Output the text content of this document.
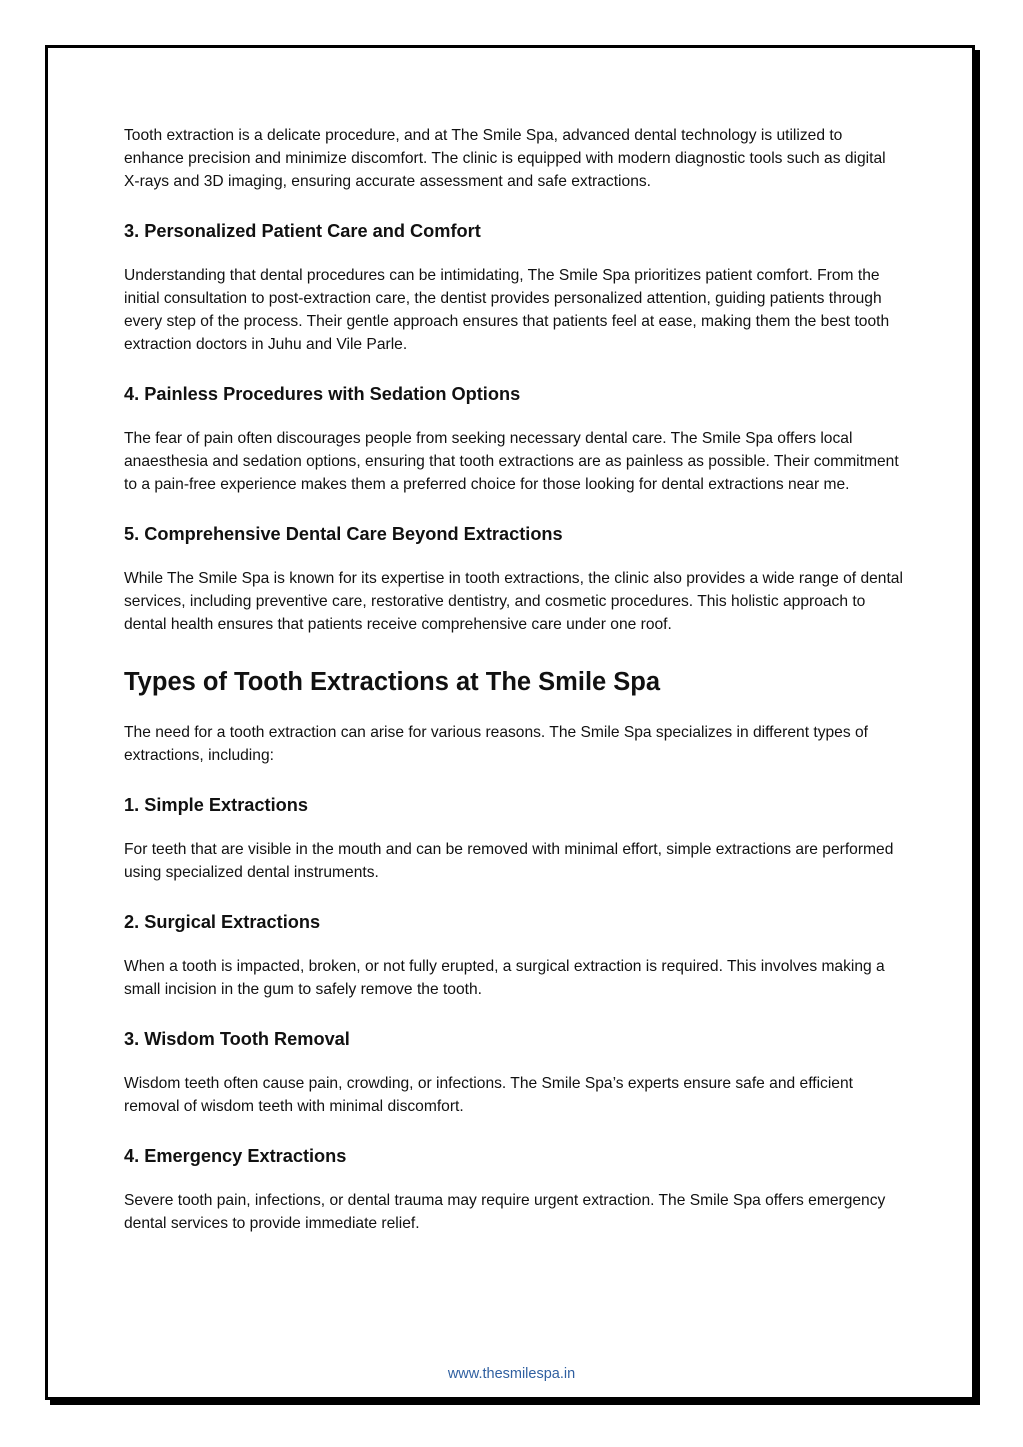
Tooth extraction is a delicate procedure, and at The Smile Spa, advanced dental technology is utilized to enhance precision and minimize discomfort. The clinic is equipped with modern diagnostic tools such as digital X-rays and 3D imaging, ensuring accurate assessment and safe extractions.

3. Personalized Patient Care and Comfort

Understanding that dental procedures can be intimidating, The Smile Spa prioritizes patient comfort. From the initial consultation to post-extraction care, the dentist provides personalized attention, guiding patients through every step of the process. Their gentle approach ensures that patients feel at ease, making them the best tooth extraction doctors in Juhu and Vile Parle.

4. Painless Procedures with Sedation Options

The fear of pain often discourages people from seeking necessary dental care. The Smile Spa offers local anaesthesia and sedation options, ensuring that tooth extractions are as painless as possible. Their commitment to a pain-free experience makes them a preferred choice for those looking for dental extractions near me.

5. Comprehensive Dental Care Beyond Extractions

While The Smile Spa is known for its expertise in tooth extractions, the clinic also provides a wide range of dental services, including preventive care, restorative dentistry, and cosmetic procedures. This holistic approach to dental health ensures that patients receive comprehensive care under one roof.

Types of Tooth Extractions at The Smile Spa

The need for a tooth extraction can arise for various reasons. The Smile Spa specializes in different types of extractions, including:

1. Simple Extractions

For teeth that are visible in the mouth and can be removed with minimal effort, simple extractions are performed using specialized dental instruments.

2. Surgical Extractions

When a tooth is impacted, broken, or not fully erupted, a surgical extraction is required. This involves making a small incision in the gum to safely remove the tooth.

3. Wisdom Tooth Removal

Wisdom teeth often cause pain, crowding, or infections. The Smile Spa’s experts ensure safe and efficient removal of wisdom teeth with minimal discomfort.

4. Emergency Extractions

Severe tooth pain, infections, or dental trauma may require urgent extraction. The Smile Spa offers emergency dental services to provide immediate relief.

www.thesmilespa.in
